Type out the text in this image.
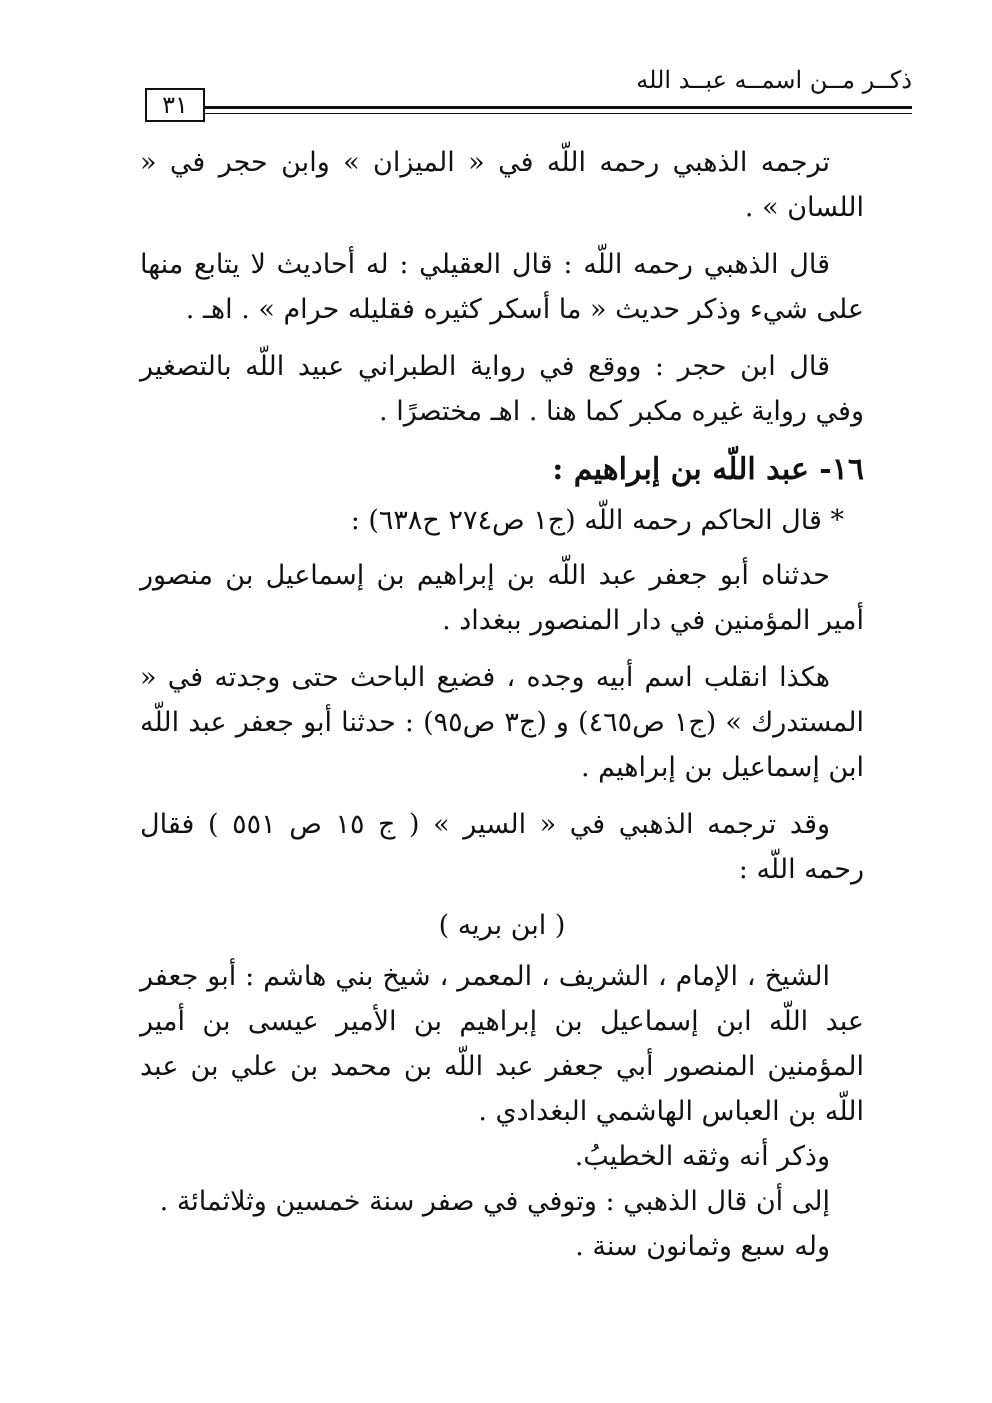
ذكــر مــن اسمــه عبــد الله
٣١

ترجمه الذهبي رحمه اللّه في « الميزان » وابن حجر في « اللسان » .

قال الذهبي رحمه اللّه : قال العقيلي : له أحاديث لا يتابع منها على شيء وذكر حديث « ما أسكر كثيره فقليله حرام » . اهـ .

قال ابن حجر : ووقع في رواية الطبراني عبيد اللّه بالتصغير وفي رواية غيره مكبر كما هنا . اهـ مختصرًا .

١٦- عبد اللّه بن إبراهيم :

* قال الحاكم رحمه اللّه (ج١ ص٢٧٤ ح٦٣٨) :

حدثناه أبو جعفر عبد اللّه بن إبراهيم بن إسماعيل بن منصور أمير المؤمنين في دار المنصور ببغداد .

هكذا انقلب اسم أبيه وجده ، فضيع الباحث حتى وجدته في « المستدرك » (ج١ ص٤٦٥) و (ج٣ ص٩٥) : حدثنا أبو جعفر عبد اللّه ابن إسماعيل بن إبراهيم .

وقد ترجمه الذهبي في « السير » ( ج ١٥ ص ٥٥١ ) فقال رحمه اللّه :

( ابن بريه )

الشيخ ، الإمام ، الشريف ، المعمر ، شيخ بني هاشم : أبو جعفر عبد اللّه ابن إسماعيل بن إبراهيم بن الأمير عيسى بن أمير المؤمنين المنصور أبي جعفر عبد اللّه بن محمد بن علي بن عبد اللّه بن العباس الهاشمي البغدادي .

وذكر أنه وثقه الخطيبُ.

إلى أن قال الذهبي : وتوفي في صفر سنة خمسين وثلاثمائة .

وله سبع وثمانون سنة .
